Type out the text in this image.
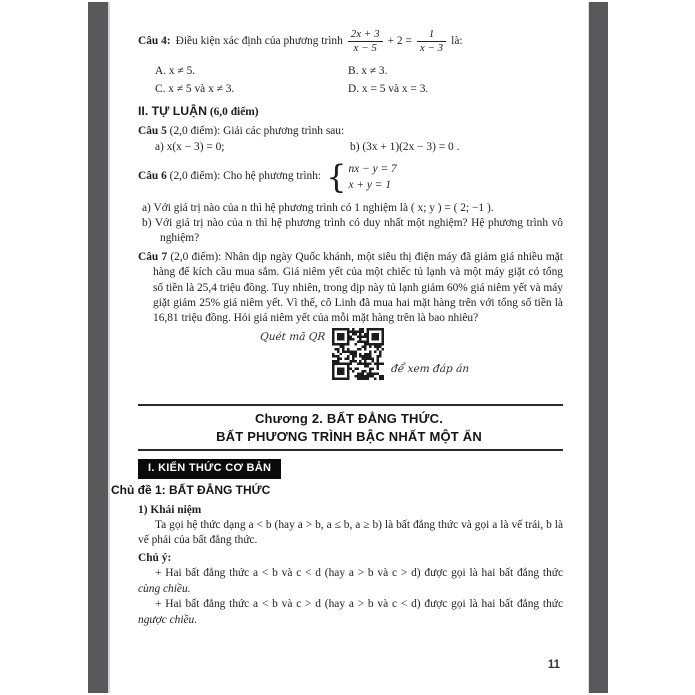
Câu 4: Điều kiện xác định của phương trình $\frac{2x + 3}{x - 5} + 2 = \frac{1}{x - 3}$ là:
A. x ≠ 5.	B. x ≠ 3.
C. x ≠ 5 và x ≠ 3.	D. x = 5 và x = 3.
II. TỰ LUẬN (6,0 điểm)
Câu 5 (2,0 điểm): Giải các phương trình sau:
a) x(x − 3) = 0;	b) (3x + 1)(2x − 3) = 0 .
Câu 6
(2,0 điểm):
Cho hệ phương trình: { nx − y = 7
x + y = 1
a) Với giá trị nào của n thì hệ phương trình có 1 nghiệm là ( x; y ) = ( 2; −1 ).
b) Với giá trị nào của n thì hệ phương trình có duy nhất một nghiệm? Hệ phương trình vô nghiệm?
Câu 7 (2,0 điểm): Nhân dịp ngày Quốc khánh, một siêu thị điện máy đã giảm giá nhiều mặt hàng để kích cầu mua sắm. Giá niêm yết của một chiếc tủ lạnh và một máy giặt có tổng số tiền là 25,4 triệu đồng. Tuy nhiên, trong dịp này tủ lạnh giảm 60% giá niêm yết và máy giặt giảm 25% giá niêm yết. Vì thế, cô Linh đã mua hai mặt hàng trên với tổng số tiền là 16,81 triệu đồng. Hỏi giá niêm yết của mỗi mặt hàng trên là bao nhiêu?
Quét mã QR
để xem đáp án
Chương 2. BẤT ĐẲNG THỨC.
BẤT PHƯƠNG TRÌNH BẬC NHẤT MỘT ẨN
I. KIẾN THỨC CƠ BẢN
Chủ đề 1: BẤT ĐẲNG THỨC
1) Khái niệm
Ta gọi hệ thức dạng a < b (hay a > b, a ≤ b, a ≥ b) là bất đẳng thức và gọi a là vế trái, b là vế phải của bất đẳng thức.
Chú ý:
+ Hai bất đẳng thức a < b và c < d (hay a > b và c > d) được gọi là hai bất đẳng thức cùng chiều.
+ Hai bất đẳng thức a < b và c > d (hay a > b và c < d) được gọi là hai bất đẳng thức ngược chiều.
11
